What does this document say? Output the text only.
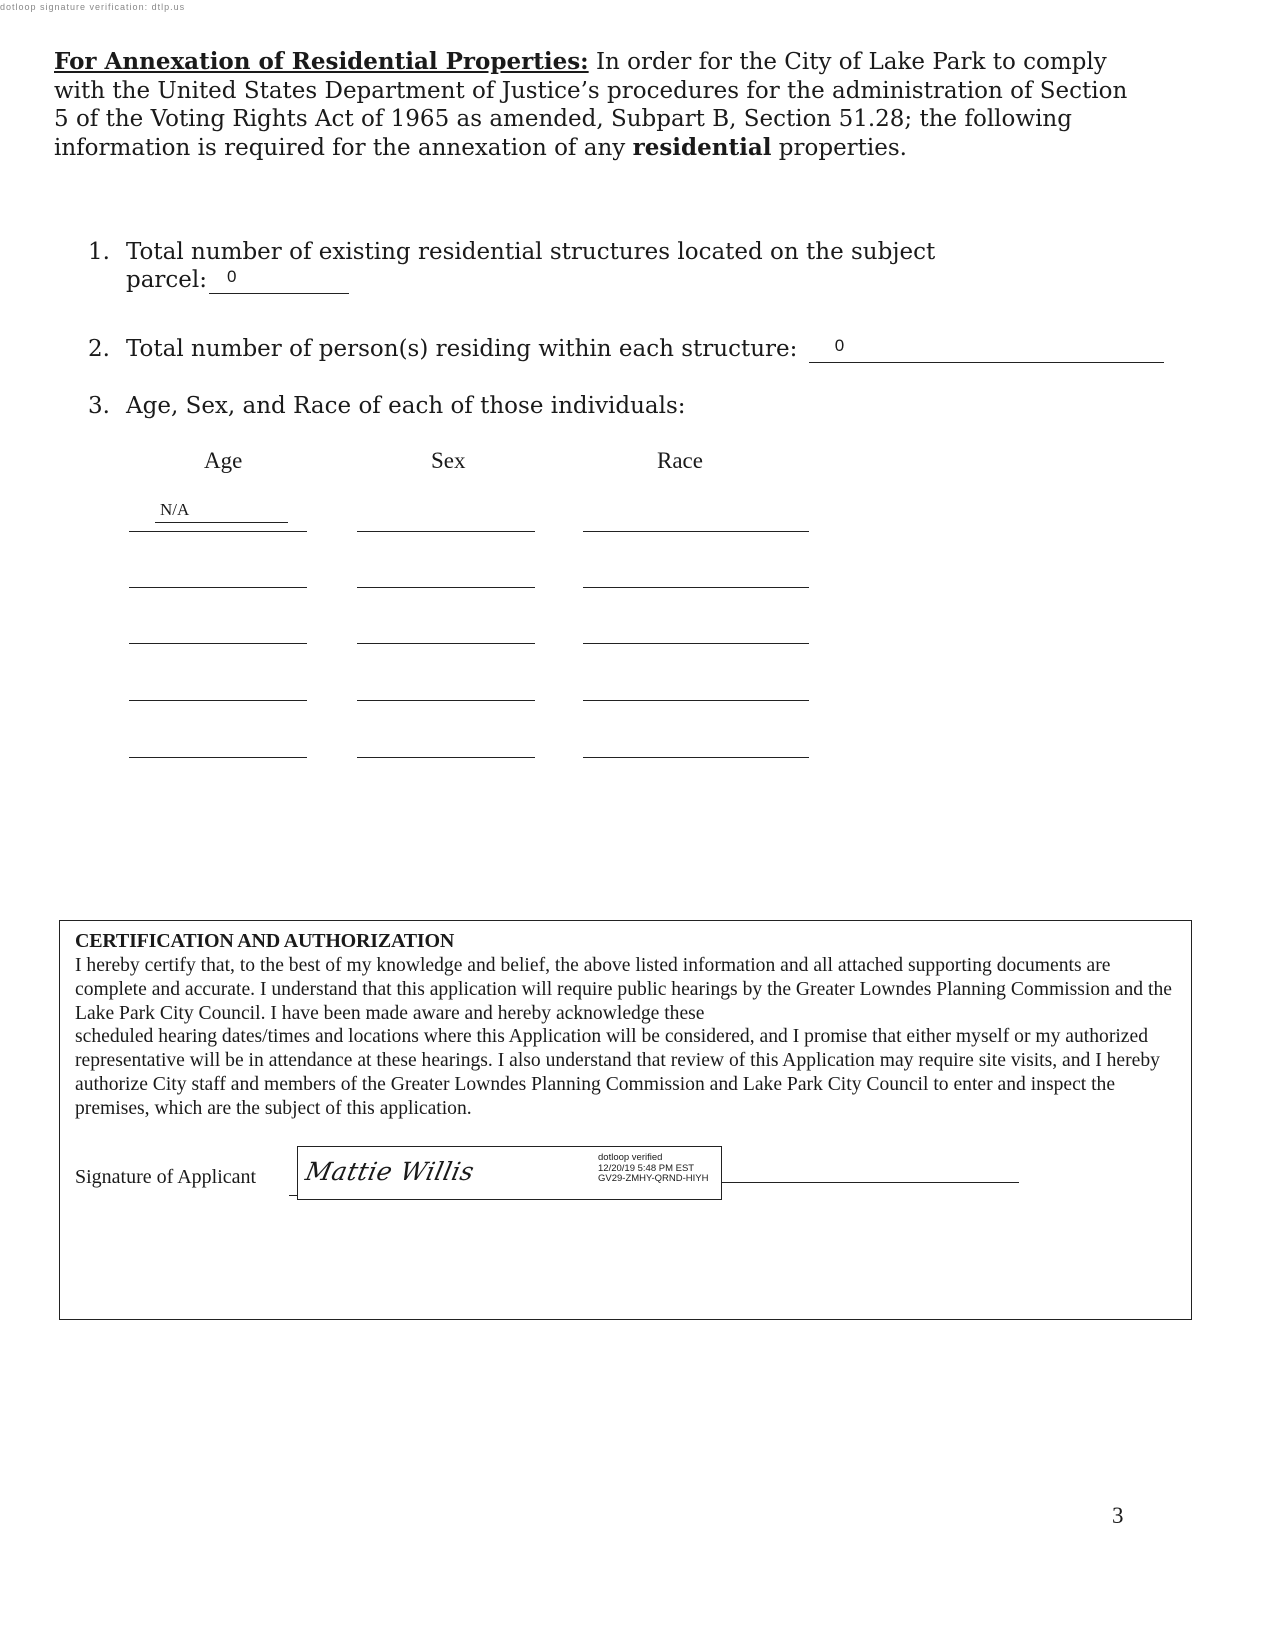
dotloop signature verification: dtlp.us
For Annexation of Residential Properties: In order for the City of Lake Park to comply with the United States Department of Justice’s procedures for the administration of Section 5 of the Voting Rights Act of 1965 as amended, Subpart B, Section 51.28; the following information is required for the annexation of any residential properties.
1. Total number of existing residential structures located on the subject
parcel: 0
2. Total number of person(s) residing within each structure: 0
3. Age, Sex, and Race of each of those individuals:
Age	Sex	Race
N/A
CERTIFICATION AND AUTHORIZATION

I hereby certify that, to the best of my knowledge and belief, the above listed information and all attached supporting documents are complete and accurate. I understand that this application will require public hearings by the Greater Lowndes Planning Commission and the Lake Park City Council. I have been made aware and hereby acknowledge these

scheduled hearing dates/times and locations where this Application will be considered, and I promise that either myself or my authorized representative will be in attendance at these hearings. I also understand that review of this Application may require site visits, and I hereby authorize City staff and members of the Greater Lowndes Planning Commission and Lake Park City Council to enter and inspect the premises, which are the subject of this application.

Signature of Applicant Mattie Willis	dotloop verified
12/20/19 5:48 PM EST
GV29-ZMHY-QRND-HIYH
3
